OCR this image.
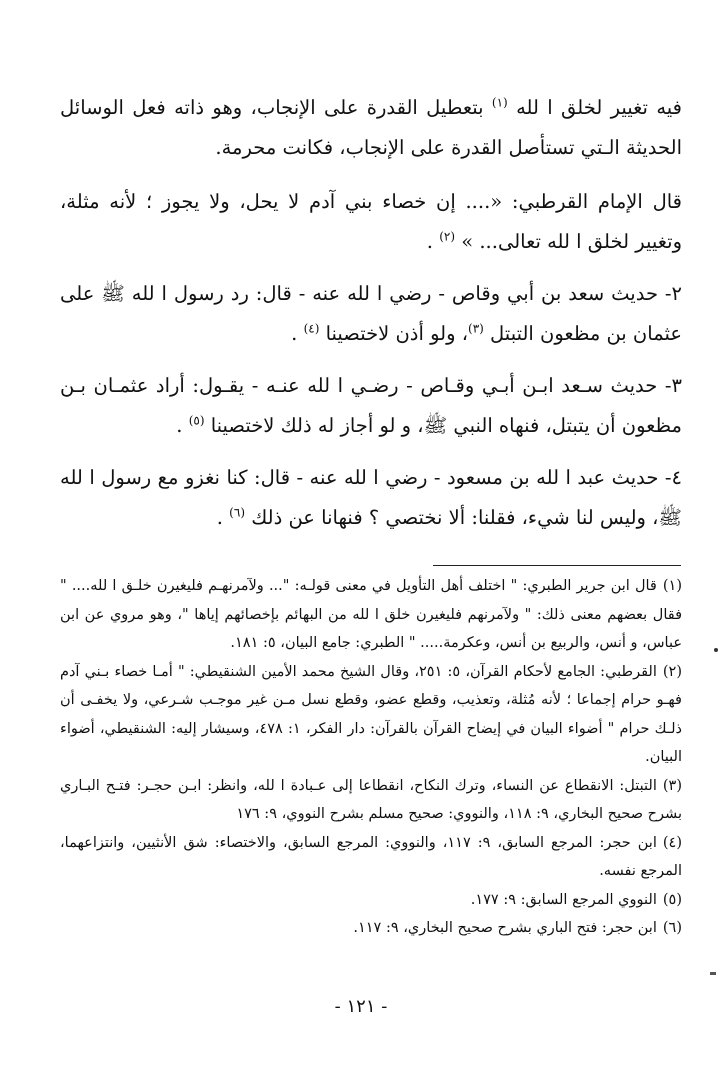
فيه تغيير لخلق ا لله $^{(١)}$ بتعطيل القدرة على الإنجاب، وهو ذاته فعل الوسائل الحديثة الـتي تستأصل القدرة على الإنجاب، فكانت محرمة.

قال الإمام القرطبي: «.... إن خصاء بني آدم لا يحل، ولا يجوز ؛ لأنه مثلة، وتغيير لخلق ا لله تعالى... » $^{(٢)}$ .

٢- حديث سعد بن أبي وقاص - رضي ا لله عنه - قال: رد رسول ا لله ﷺ على عثمان بن مظعون التبتل $^{(٣)}$، ولو أذن لاختصينا $^{(٤)}$ .

٣- حديث سـعد ابـن أبـي وقـاص - رضـي ا لله عنـه - يقـول: أراد عثمـان بـن مظعون أن يتبتل، فنهاه النبي ﷺ، و لو أجاز له ذلك لاختصينا $^{(٥)}$ .

٤- حديث عبد ا لله بن مسعود - رضي ا لله عنه - قال: كنا نغزو مع رسول ا لله ﷺ، وليس لنا شيء، فقلنا: ألا نختصي ؟ فنهانا عن ذلك $^{(٦)}$ .

(١)قال ابن جرير الطبري: " اختلف أهل التأويل في معنى قولـه: "... ولآمرنهـم فليغيرن خلـق ا لله.... " فقال بعضهم معنى ذلك: " ولآمرنهم فليغيرن خلق ا لله من البهائم بإخصائهم إياها "، وهو مروي عن ابن عباس، و أنس، والربيع بن أنس، وعكرمة..... " الطبري: جامع البيان، ٥: ١٨١.

(٢)القرطبي: الجامع لأحكام القرآن، ٥: ٢٥١، وقال الشيخ محمد الأمين الشنقيطي: " أمـا خصاء بـني آدم فهـو حرام إجماعا ؛ لأنه مُثلة، وتعذيب، وقطع عضو، وقطع نسل مـن غير موجـب شـرعي، ولا يخفـى أن ذلـك حرام " أضواء البيان في إيضاح القرآن بالقرآن: دار الفكر، ١: ٤٧٨، وسيشار إليه: الشنقيطي، أضواء البيان.

(٣)التبتل: الانقطاع عن النساء، وترك النكاح، انقطاعا إلى عـبادة ا لله، وانظر: ابـن حجـر: فتـح البـاري بشرح صحيح البخاري، ٩: ١١٨، والنووي: صحيح مسلم بشرح النووي، ٩: ١٧٦

(٤)ابن حجر: المرجع السابق، ٩: ١١٧، والنووي: المرجع السابق، والاختصاء: شق الأنثيين، وانتزاعهما، المرجع نفسه.

(٥)النووي المرجع السابق: ٩: ١٧٧.

(٦)ابن حجر: فتح الباري بشرح صحيح البخاري، ٩: ١١٧.

- ١٢١ -
